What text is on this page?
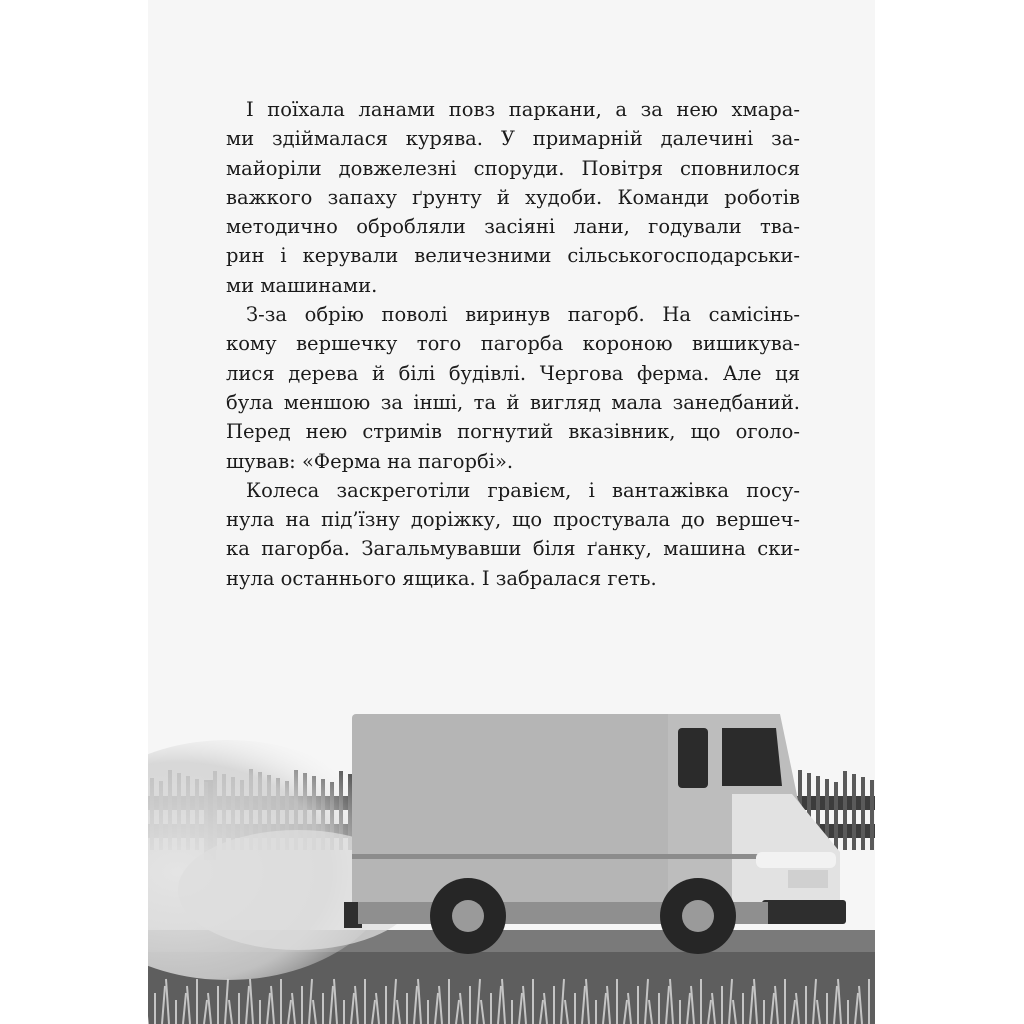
І поїхала ланами повз паркани, а за нею хмара-
ми здіймалася курява. У примарній далечині за-
майоріли довжелезні споруди. Повітря сповнилося
важкого запаху ґрунту й худоби. Команди роботів
методично обробляли засіяні лани, годували тва-
рин і керували величезними сільськогосподарськи-
ми машинами.
З-за обрію поволі виринув пагорб. На самісінь-
кому вершечку того пагорба короною вишикува-
лися дерева й білі будівлі. Чергова ферма. Але ця
була меншою за інші, та й вигляд мала занедбаний.
Перед нею стримів погнутий вказівник, що оголо-
шував: «Ферма на пагорбі».
Колеса заскреготіли гравієм, і вантажівка посу-
нула на під’їзну доріжку, що простувала до вершеч-
ка пагорба. Загальмувавши біля ґанку, машина ски-
нула останнього ящика. І забралася геть.
